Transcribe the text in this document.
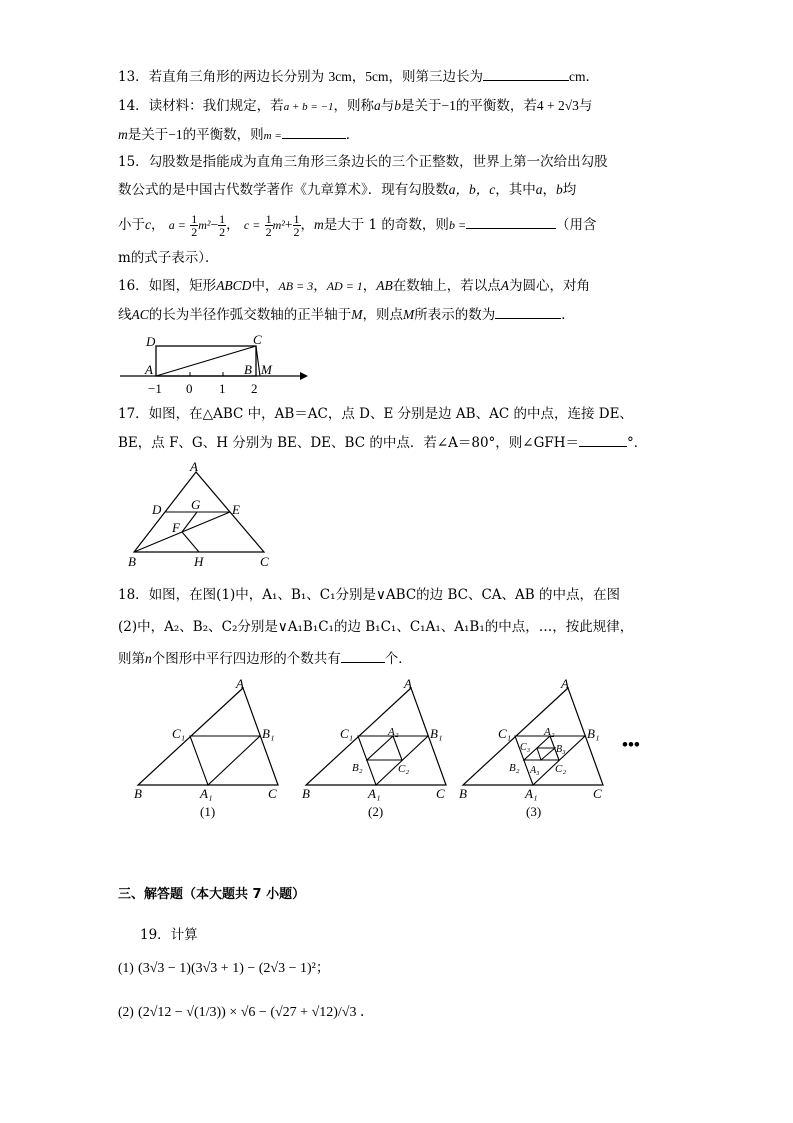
13．若直角三角形的两边长分别为 3cm，5cm，则第三边长为	cm．
14．读材料：我们规定，若a + b = −1，则称a与b是关于−1的平衡数，若4 + 2√3与
m是关于−1的平衡数，则m =	．
15．勾股数是指能成为直角三角形三条边长的三个正整数，世界上第一次给出勾股
数公式的是中国古代数学著作《九章算术》．现有勾股数a，b，c，其中a，b均
小于c， $a = \frac{1}{2} m^2- \frac{1}{2}$ ， $c = \frac{1}{2} m^2+ \frac{1}{2}$ ，m是大于 1 的奇数，则b =	（用含
m的式子表示）．
16．如图，矩形ABCD中，AB = 3，AD = 1，AB在数轴上，若以点A为圆心，对角
线AC的长为半径作弧交数轴的正半轴于M，则点M所表示的数为	．
D	C
A	B M
−1 0 1 2
17．如图，在△ABC 中，AB＝AC，点 D、E 分别是边 AB、AC 的中点，连接 DE、
BE，点 F、G、H 分别为 BE、DE、BC 的中点．若∠A＝80°，则∠GFH＝	°．
A
D G E
F
B	H	C
18．如图，在图(1)中，A₁、B₁、C₁分别是∨ABC的边 BC、CA、AB 的中点，在图
(2)中，A₂、B₂、C₂分别是∨A₁B₁C₁的边 B₁C₁、C₁A₁、A₁B₁的中点，…，按此规律，
则第n个图形中平行四边形的个数共有	个．
A
C₁	B₁
B	A₁	C
(1)
A
C₁	B₁
A₂
B₂	C₂
B	A₁	C
(2)
A
C₁	B₁
A₂
C₃	B₃
B₂ A₃ C₂
B	A₁	C
(3)
•••
三、解答题（本大题共 7 小题）
19．计算
(1) (3√3 − 1)(3√3 + 1) − (2√3 − 1)²；
(2) (2√12 − √(1/3)) × √6 − (√27 + √12)/√3 ．
